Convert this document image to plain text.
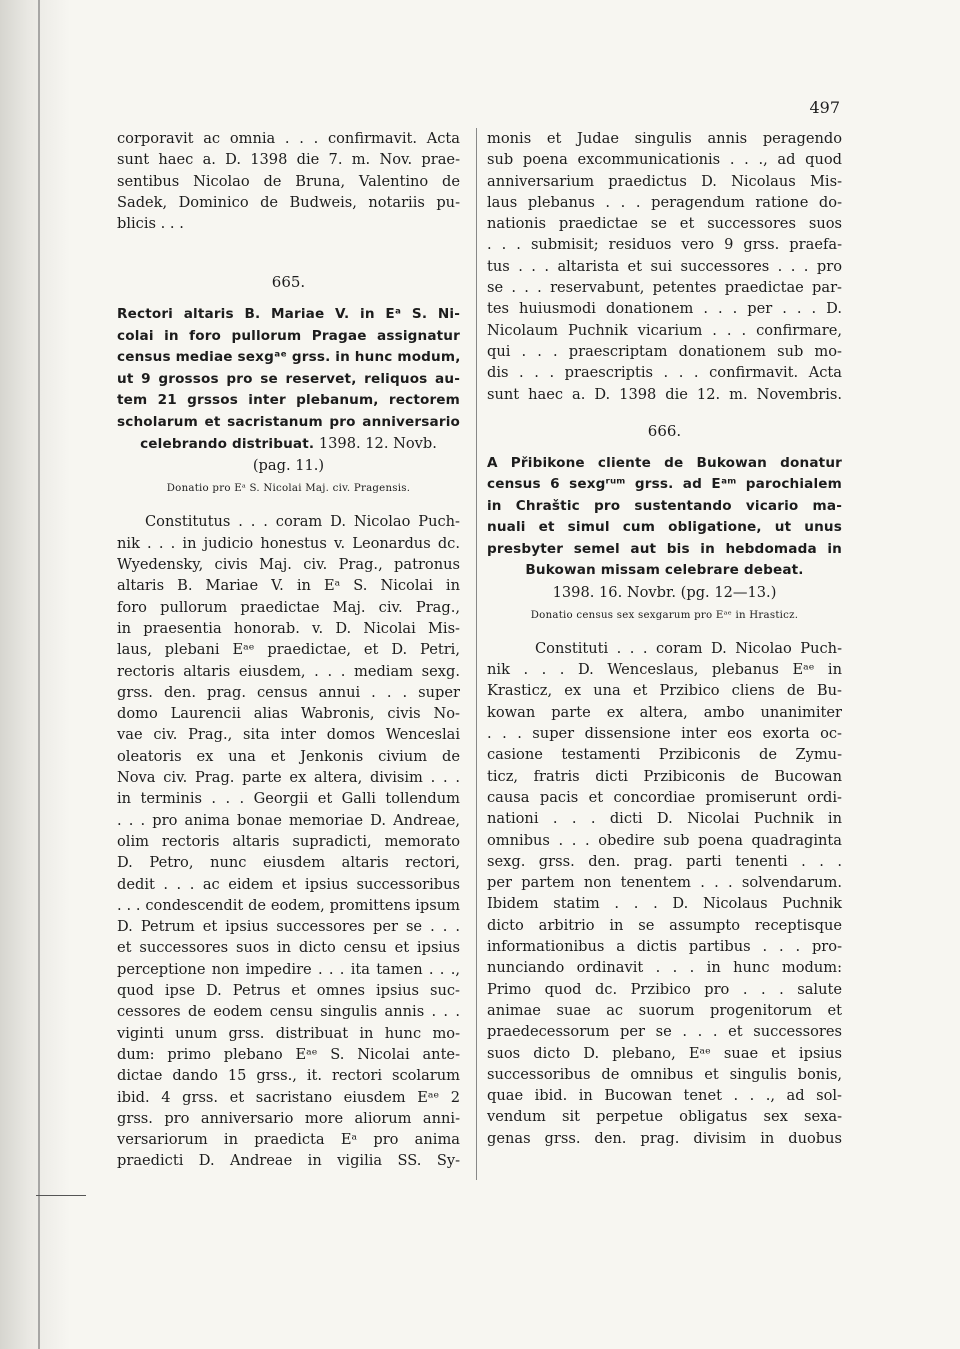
497
corporavit ac omnia . . . confirmavit. Acta
sunt haec a. D. 1398 die 7. m. Nov. prae-
sentibus Nicolao de Bruna, Valentino de
Sadek, Dominico de Budweis, notariis pu-
blicis . . .
665.
Rectori altaris B. Mariae V. in Eᵃ S. Ni-
colai in foro pullorum Pragae assignatur
census mediae sexgᵃᵉ grss. in hunc modum,
ut 9 grossos pro se reservet, reliquos au-
tem 21 grssos inter plebanum, rectorem
scholarum et sacristanum pro anniversario
celebrando distribuat. 1398. 12. Novb.
(pag. 11.)
Donatio pro Eᵃ S. Nicolai Maj. civ. Pragensis.
Constitutus . . . coram D. Nicolao Puch-
nik . . . in judicio honestus v. Leonardus dc.
Wyedensky, civis Maj. civ. Prag., patronus
altaris B. Mariae V. in Eᵃ S. Nicolai in
foro pullorum praedictae Maj. civ. Prag.,
in praesentia honorab. v. D. Nicolai Mis-
laus, plebani Eᵃᵉ praedictae, et D. Petri,
rectoris altaris eiusdem, . . . mediam sexg.
grss. den. prag. census annui . . . super
domo Laurencii alias Wabronis, civis No-
vae civ. Prag., sita inter domos Wenceslai
oleatoris ex una et Jenkonis civium de
Nova civ. Prag. parte ex altera, divisim . . .
in terminis . . . Georgii et Galli tollendum
. . . pro anima bonae memoriae D. Andreae,
olim rectoris altaris supradicti, memorato
D. Petro, nunc eiusdem altaris rectori,
dedit . . . ac eidem et ipsius successoribus
. . . condescendit de eodem, promittens ipsum
D. Petrum et ipsius successores per se . . .
et successores suos in dicto censu et ipsius
perceptione non impedire . . . ita tamen . . .,
quod ipse D. Petrus et omnes ipsius suc-
cessores de eodem censu singulis annis . . .
viginti unum grss. distribuat in hunc mo-
dum: primo plebano Eᵃᵉ S. Nicolai ante-
dictae dando 15 grss., it. rectori scolarum
ibid. 4 grss. et sacristano eiusdem Eᵃᵉ 2
grss. pro anniversario more aliorum anni-
versariorum in praedicta Eᵃ pro anima
praedicti D. Andreae in vigilia SS. Sy-
monis et Judae singulis annis peragendo
sub poena excommunicationis . . ., ad quod
anniversarium praedictus D. Nicolaus Mis-
laus plebanus . . . peragendum ratione do-
nationis praedictae se et successores suos
. . . submisit; residuos vero 9 grss. praefa-
tus . . . altarista et sui successores . . . pro
se . . . reservabunt, petentes praedictae par-
tes huiusmodi donationem . . . per . . . D.
Nicolaum Puchnik vicarium . . . confirmare,
qui . . . praescriptam donationem sub mo-
dis . . . praescriptis . . . confirmavit. Acta
sunt haec a. D. 1398 die 12. m. Novembris.
666.
A Přibikone cliente de Bukowan donatur
census 6 sexgʳᵘᵐ grss. ad Eᵃᵐ parochialem
in Chraštic pro sustentando vicario ma-
nuali et simul cum obligatione, ut unus
presbyter semel aut bis in hebdomada in
Bukowan missam celebrare debeat.
1398. 16. Novbr. (pg. 12—13.)
Donatio census sex sexgarum pro Eᵃᵉ in Hrasticz.
Constituti . . . coram D. Nicolao Puch-
nik . . . D. Wenceslaus, plebanus Eᵃᵉ in
Krasticz, ex una et Przibico cliens de Bu-
kowan parte ex altera, ambo unanimiter
. . . super dissensione inter eos exorta oc-
casione testamenti Przibiconis de Zymu-
ticz, fratris dicti Przibiconis de Bucowan
causa pacis et concordiae promiserunt ordi-
nationi . . . dicti D. Nicolai Puchnik in
omnibus . . . obedire sub poena quadraginta
sexg. grss. den. prag. parti tenenti . . .
per partem non tenentem . . . solvendarum.
Ibidem statim . . . D. Nicolaus Puchnik
dicto arbitrio in se assumpto receptisque
informationibus a dictis partibus . . . pro-
nunciando ordinavit . . . in hunc modum:
Primo quod dc. Przibico pro . . . salute
animae suae ac suorum progenitorum et
praedecessorum per se . . . et successores
suos dicto D. plebano, Eᵃᵉ suae et ipsius
successoribus de omnibus et singulis bonis,
quae ibid. in Bucowan tenet . . ., ad sol-
vendum sit perpetue obligatus sex sexa-
genas grss. den. prag. divisim in duobus
